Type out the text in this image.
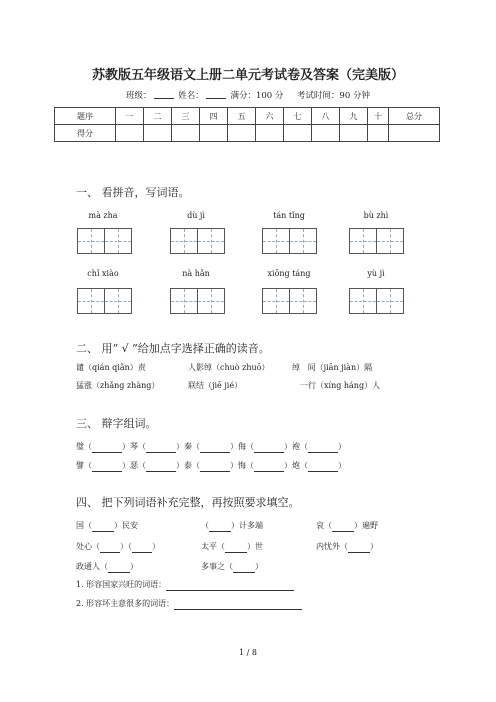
苏教版五年级语文上册二单元考试卷及答案（完美版）
班级：	姓名：	满分：100 分 考试时间：90 分钟
题序	一	二	三	四	五	六	七	八	九	十	总分
得分											
一、 看拼音，写词语。
mà zha	dù jì	tán tǐng	bù zhì
chǐ xiào	nà hǎn	xiōng táng	yù jì
二、 用“ √ ”给加点字选择正确的读音。
谴（qián qiǎn）责	人影绰（chuò zhuō）	绰 间（jiān jiàn）隔
猛涨（zhǎng zhàng）	联结（jiē jié）	一行（xíng háng）人
三、 辩字组词。
璧（	）琴（	）秦（	）侮（	）袍（	）
譬（	）瑟（	）泰（	）悔（	）炮（	）
四、 把下列词语补充完整，再按照要求填空。
国（	）民安	（	）计多端	哀（	）遍野
处心（	）（	）	太平（	）世	内忧外（	）
政通人（	）	多事之（	）
1. 形容国家兴旺的词语：
2. 形容坏主意很多的词语：
1 / 8
